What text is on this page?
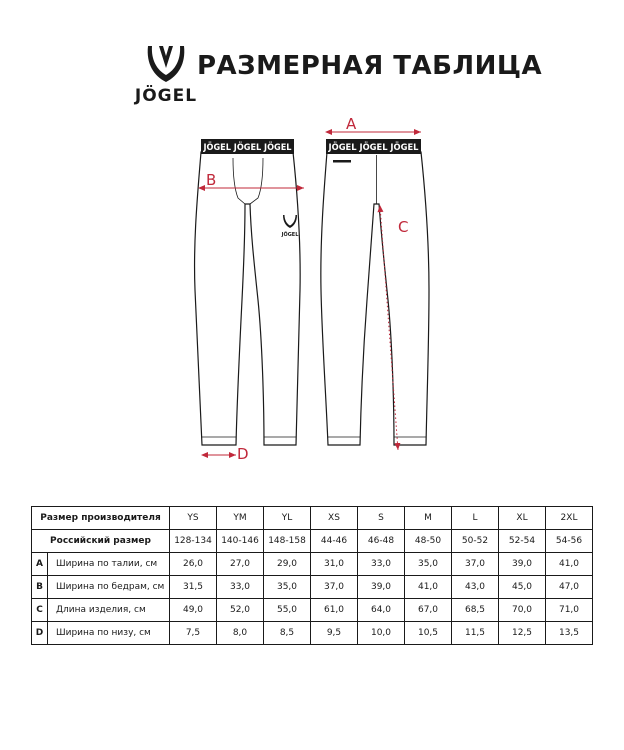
JÖGEL
РАЗМЕРНАЯ ТАБЛИЦА
JÖGEL JÖGEL JÖGEL
JÖGEL
JÖGEL JÖGEL JÖGEL
A
B
C
D
Размер производителя		YS	YM	YL	XS	S	M	L	XL	2XL
Российский размер		128-134	140-146	148-158	44-46	46-48	48-50	50-52	52-54	54-56
A	Ширина по талии, см	26,0	27,0	29,0	31,0	33,0	35,0	37,0	39,0	41,0
B	Ширина по бедрам, см	31,5	33,0	35,0	37,0	39,0	41,0	43,0	45,0	47,0
C	Длина изделия, см	49,0	52,0	55,0	61,0	64,0	67,0	68,5	70,0	71,0
D	Ширина по низу, см	7,5	8,0	8,5	9,5	10,0	10,5	11,5	12,5	13,5
